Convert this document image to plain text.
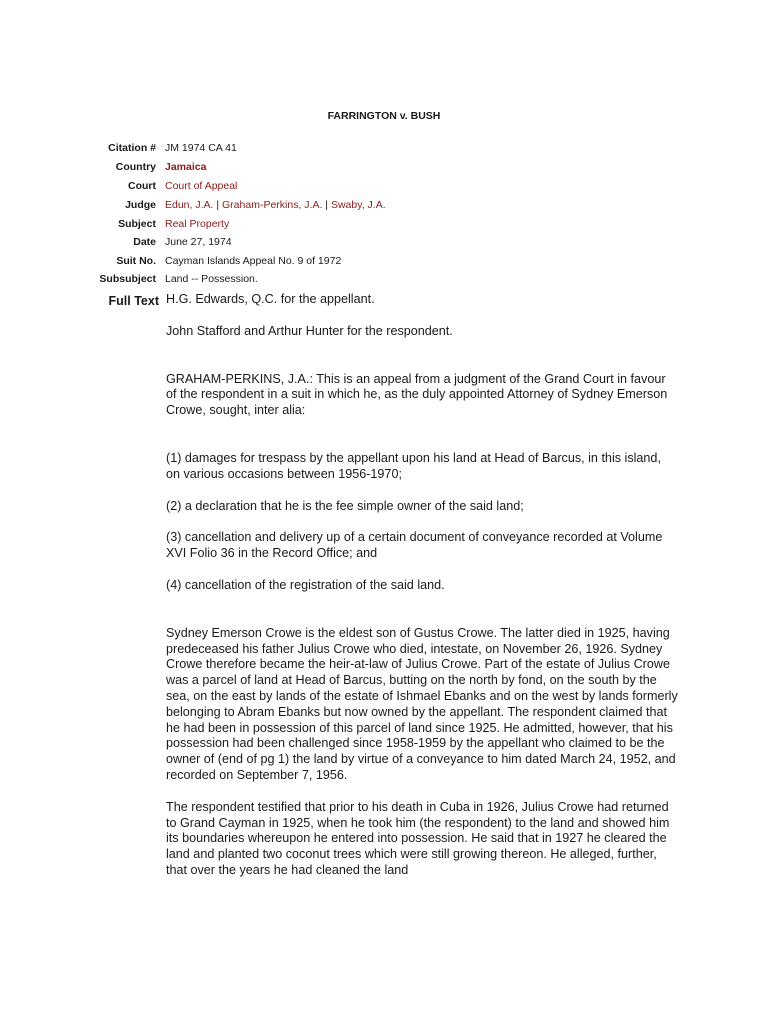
FARRINGTON v. BUSH
Citation # JM 1974 CA 41
Country Jamaica
Court Court of Appeal
Judge Edun, J.A. | Graham-Perkins, J.A. | Swaby, J.A.
Subject Real Property
Date June 27, 1974
Suit No. Cayman Islands Appeal No. 9 of 1972
Subsubject Land -- Possession.
Full Text H.G. Edwards, Q.C. for the appellant.

John Stafford and Arthur Hunter for the respondent.

GRAHAM-PERKINS, J.A.: This is an appeal from a judgment of the Grand Court in favour of the respondent in a suit in which he, as the duly appointed Attorney of Sydney Emerson Crowe, sought, inter alia:

(1) damages for trespass by the appellant upon his land at Head of Barcus, in this island, on various occasions between 1956-1970;

(2) a declaration that he is the fee simple owner of the said land;

(3) cancellation and delivery up of a certain document of conveyance recorded at Volume XVI Folio 36 in the Record Office; and

(4) cancellation of the registration of the said land.

Sydney Emerson Crowe is the eldest son of Gustus Crowe. The latter died in 1925, having predeceased his father Julius Crowe who died, intestate, on November 26, 1926. Sydney Crowe therefore became the heir-at-law of Julius Crowe. Part of the estate of Julius Crowe was a parcel of land at Head of Barcus, butting on the north by fond, on the south by the sea, on the east by lands of the estate of Ishmael Ebanks and on the west by lands formerly belonging to Abram Ebanks but now owned by the appellant. The respondent claimed that he had been in possession of this parcel of land since 1925. He admitted, however, that his possession had been challenged since 1958-1959 by the appellant who claimed to be the owner of (end of pg 1) the land by virtue of a conveyance to him dated March 24, 1952, and recorded on September 7, 1956.

The respondent testified that prior to his death in Cuba in 1926, Julius Crowe had returned to Grand Cayman in 1925, when he took him (the respondent) to the land and showed him its boundaries whereupon he entered into possession. He said that in 1927 he cleared the land and planted two coconut trees which were still growing thereon. He alleged, further, that over the years he had cleaned the land
